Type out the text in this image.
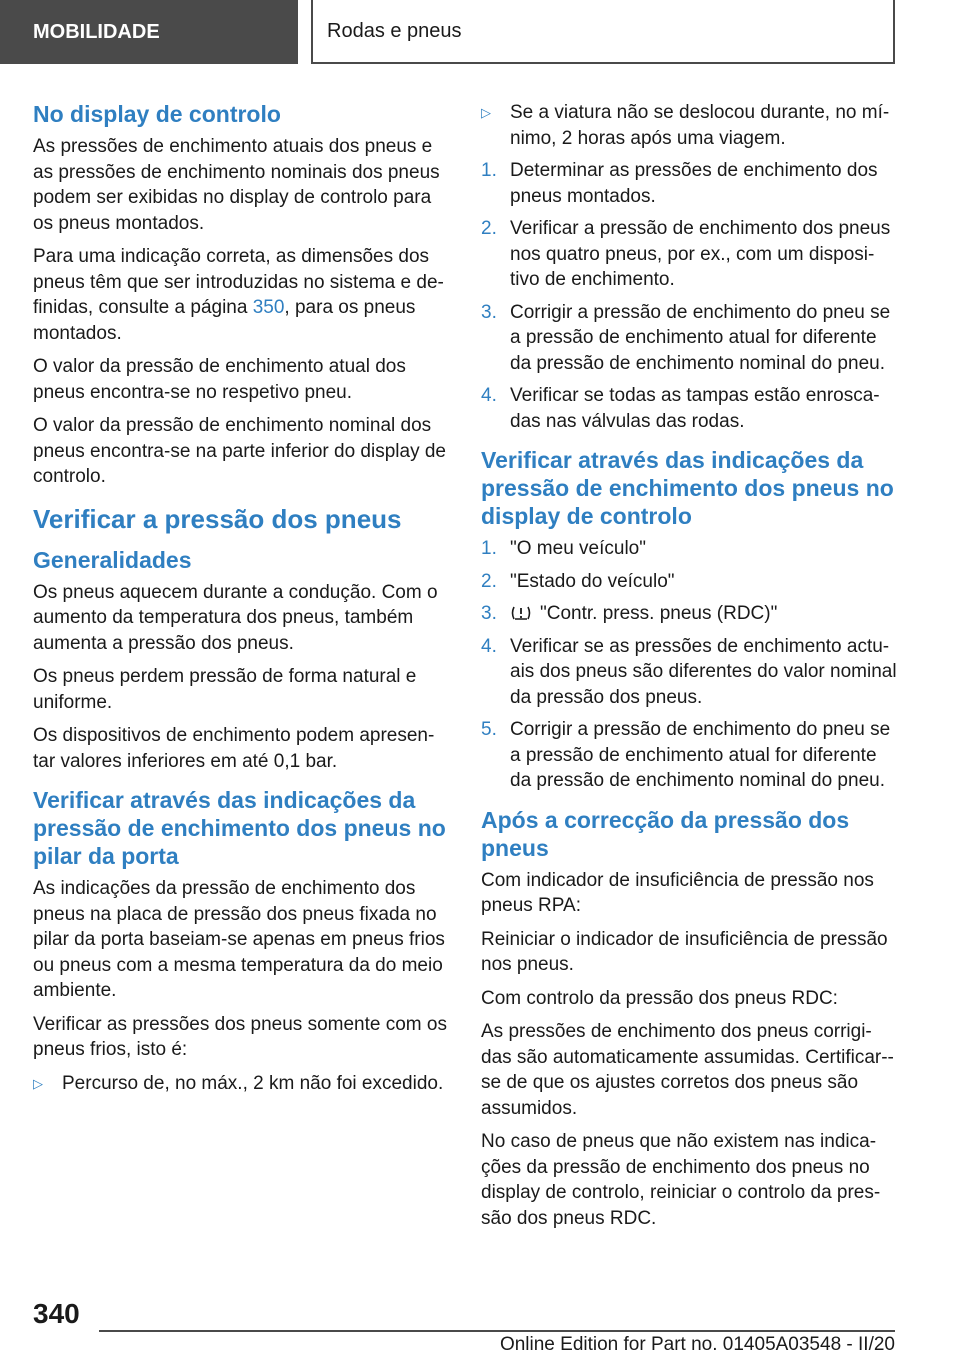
MOBILIDADE	Rodas e pneus
No display de controlo

As pressões de enchimento atuais dos pneus e as pressões de enchimento nominais dos pneus podem ser exibidas no display de controlo para os pneus montados.

Para uma indicação correta, as dimensões dos pneus têm que ser introduzidas no sistema e de‐finidas, consulte a página 350, para os pneus montados.

O valor da pressão de enchimento atual dos pneus encontra-se no respetivo pneu.

O valor da pressão de enchimento nominal dos pneus encontra-se na parte inferior do display de controlo.

Verificar a pressão dos pneus
Generalidades

Os pneus aquecem durante a condução. Com o aumento da temperatura dos pneus, também aumenta a pressão dos pneus.

Os pneus perdem pressão de forma natural e uniforme.

Os dispositivos de enchimento podem apresen‐tar valores inferiores em até 0,1 bar.

Verificar através das indicações da pressão de enchimento dos pneus no pilar da porta

As indicações da pressão de enchimento dos pneus na placa de pressão dos pneus fixada no pilar da porta baseiam-se apenas em pneus frios ou pneus com a mesma temperatura da do meio ambiente.

Verificar as pressões dos pneus somente com os pneus frios, isto é:

▷	Percurso de, no máx., 2 km não foi excedido.
▷	Se a viatura não se deslocou durante, no mí‐nimo, 2 horas após uma viagem.
1. Determinar as pressões de enchimento dos pneus montados.
2. Verificar a pressão de enchimento dos pneus nos quatro pneus, por ex., com um disposi‐tivo de enchimento.
3. Corrigir a pressão de enchimento do pneu se a pressão de enchimento atual for diferente da pressão de enchimento nominal do pneu.
4. Verificar se todas as tampas estão enrosca‐das nas válvulas das rodas.
Verificar através das indicações da pressão de enchimento dos pneus no display de controlo
1. "O meu veículo"
2. "Estado do veículo"
3.	"Contr. press. pneus (RDC)"
4. Verificar se as pressões de enchimento actu‐ais dos pneus são diferentes do valor nominal da pressão dos pneus.
5. Corrigir a pressão de enchimento do pneu se a pressão de enchimento atual for diferente da pressão de enchimento nominal do pneu.
Após a correcção da pressão dos pneus

Com indicador de insuficiência de pressão nos pneus RPA:

Reiniciar o indicador de insuficiência de pressão nos pneus.

Com controlo da pressão dos pneus RDC:

As pressões de enchimento dos pneus corrigi‐das são automaticamente assumidas. Certificar-‐se de que os ajustes corretos dos pneus são assumidos.

No caso de pneus que não existem nas indica‐ções da pressão de enchimento dos pneus no display de controlo, reiniciar o controlo da pres‐são dos pneus RDC.

340
Online Edition for Part no. 01405A03548 - II/20
